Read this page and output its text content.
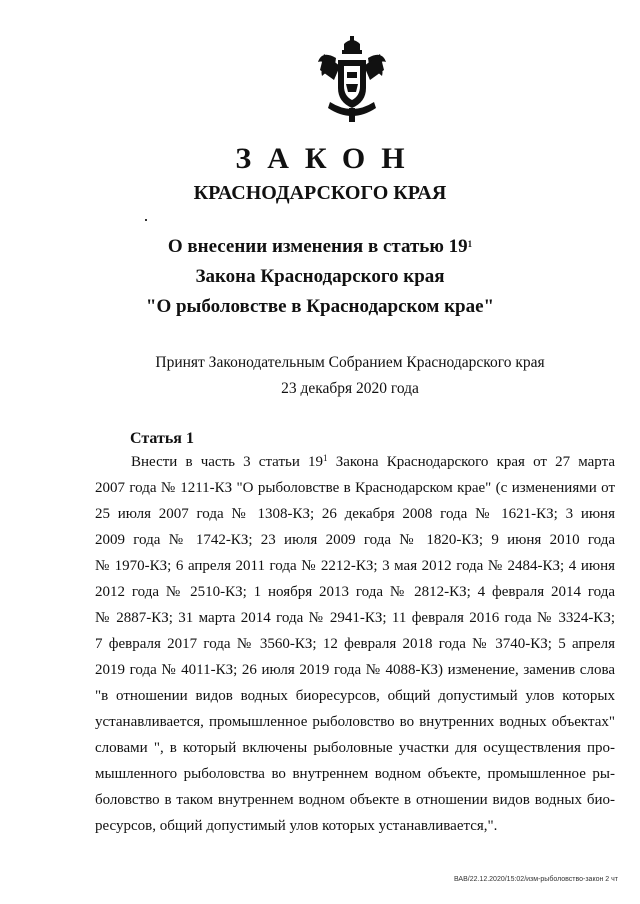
ЗАКОН
КРАСНОДАРСКОГО КРАЯ
О внесении изменения в статью $19^1$
Закона Краснодарского края
"О рыболовстве в Краснодарском крае"
Принят Законодательным Собранием Краснодарского края
23 декабря 2020 года
Статья 1
Внести в часть 3 статьи $19^1$ Закона Краснодарского края от 27 марта
2007 года № 1211-КЗ "О рыболовстве в Краснодарском крае" (с изменениями от
25 июля 2007 года № 1308-КЗ; 26 декабря 2008 года № 1621-КЗ; 3 июня
2009 года № 1742-КЗ; 23 июля 2009 года № 1820-КЗ; 9 июня 2010 года
№ 1970-КЗ; 6 апреля 2011 года № 2212-КЗ; 3 мая 2012 года № 2484-КЗ; 4 июня
2012 года № 2510-КЗ; 1 ноября 2013 года № 2812-КЗ; 4 февраля 2014 года
№ 2887-КЗ; 31 марта 2014 года № 2941-КЗ; 11 февраля 2016 года № 3324-КЗ;
7 февраля 2017 года № 3560-КЗ; 12 февраля 2018 года № 3740-КЗ; 5 апреля
2019 года № 4011-КЗ; 26 июля 2019 года № 4088-КЗ) изменение, заменив слова
"в отношении видов водных биоресурсов, общий допустимый улов которых
устанавливается, промышленное рыболовство во внутренних водных объектах"
словами ", в который включены рыболовные участки для осуществления про-
мышленного рыболовства во внутреннем водном объекте, промышленное ры-
боловство в таком внутреннем водном объекте в отношении видов водных био-
ресурсов, общий допустимый улов которых устанавливается,".
ВАВ/22.12.2020/15:02/изм-рыболовство-закон 2 чт
